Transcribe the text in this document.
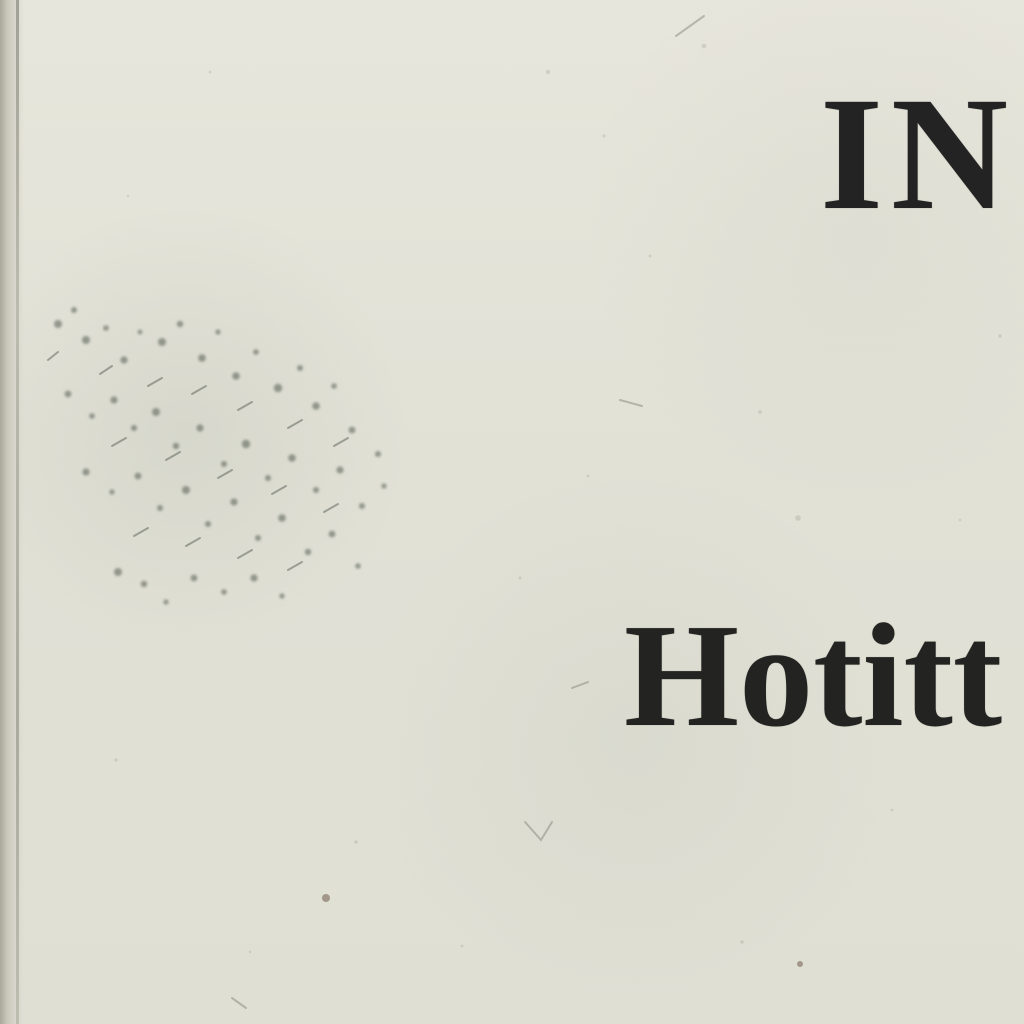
IN

Hotitt
